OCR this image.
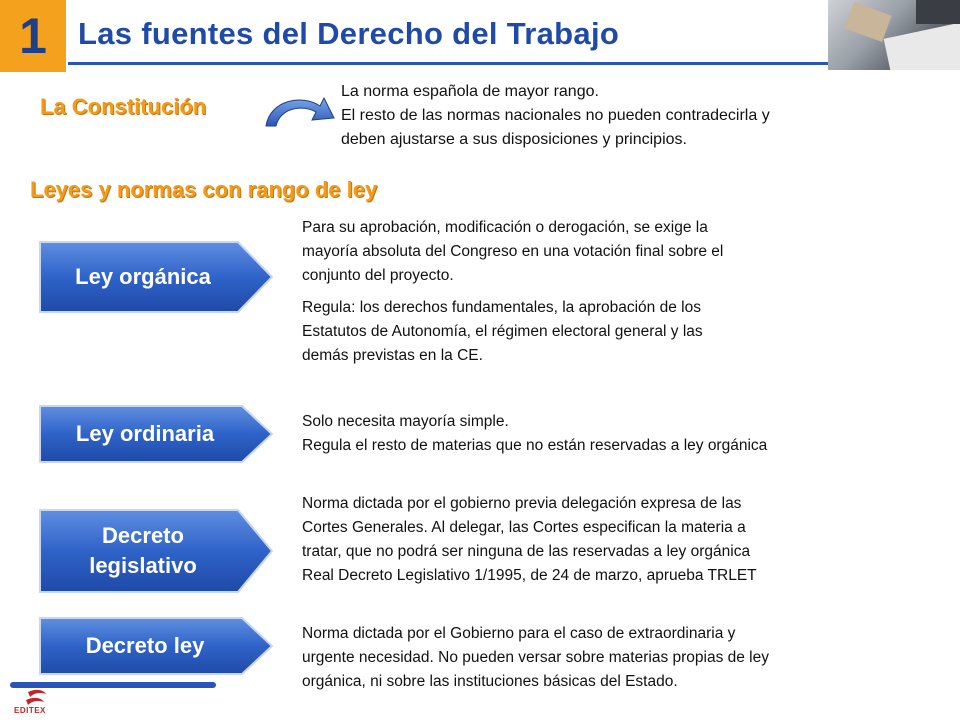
1 Las fuentes del Derecho del Trabajo
La Constitución
La norma española de mayor rango.
El resto de las normas nacionales no pueden contradecirla y
deben ajustarse a sus disposiciones y principios.
Leyes y normas con rango de ley
Ley orgánica
Para su aprobación, modificación o derogación, se exige la
mayoría absoluta del Congreso en una votación final sobre el
conjunto del proyecto.
Regula: los derechos fundamentales, la aprobación de los
Estatutos de Autonomía, el régimen electoral general y las
demás previstas en la CE.
Ley ordinaria	Solo necesita mayoría simple.
Regula el resto de materias que no están reservadas a ley orgánica
Decreto
legislativo
Norma dictada por el gobierno previa delegación expresa de las
Cortes Generales. Al delegar, las Cortes especifican la materia a
tratar, que no podrá ser ninguna de las reservadas a ley orgánica
Real Decreto Legislativo 1/1995, de 24 de marzo, aprueba TRLET
Decreto ley	Norma dictada por el Gobierno para el caso de extraordinaria y
urgente necesidad. No pueden versar sobre materias propias de ley
orgánica, ni sobre las instituciones básicas del Estado.
EDITEX
